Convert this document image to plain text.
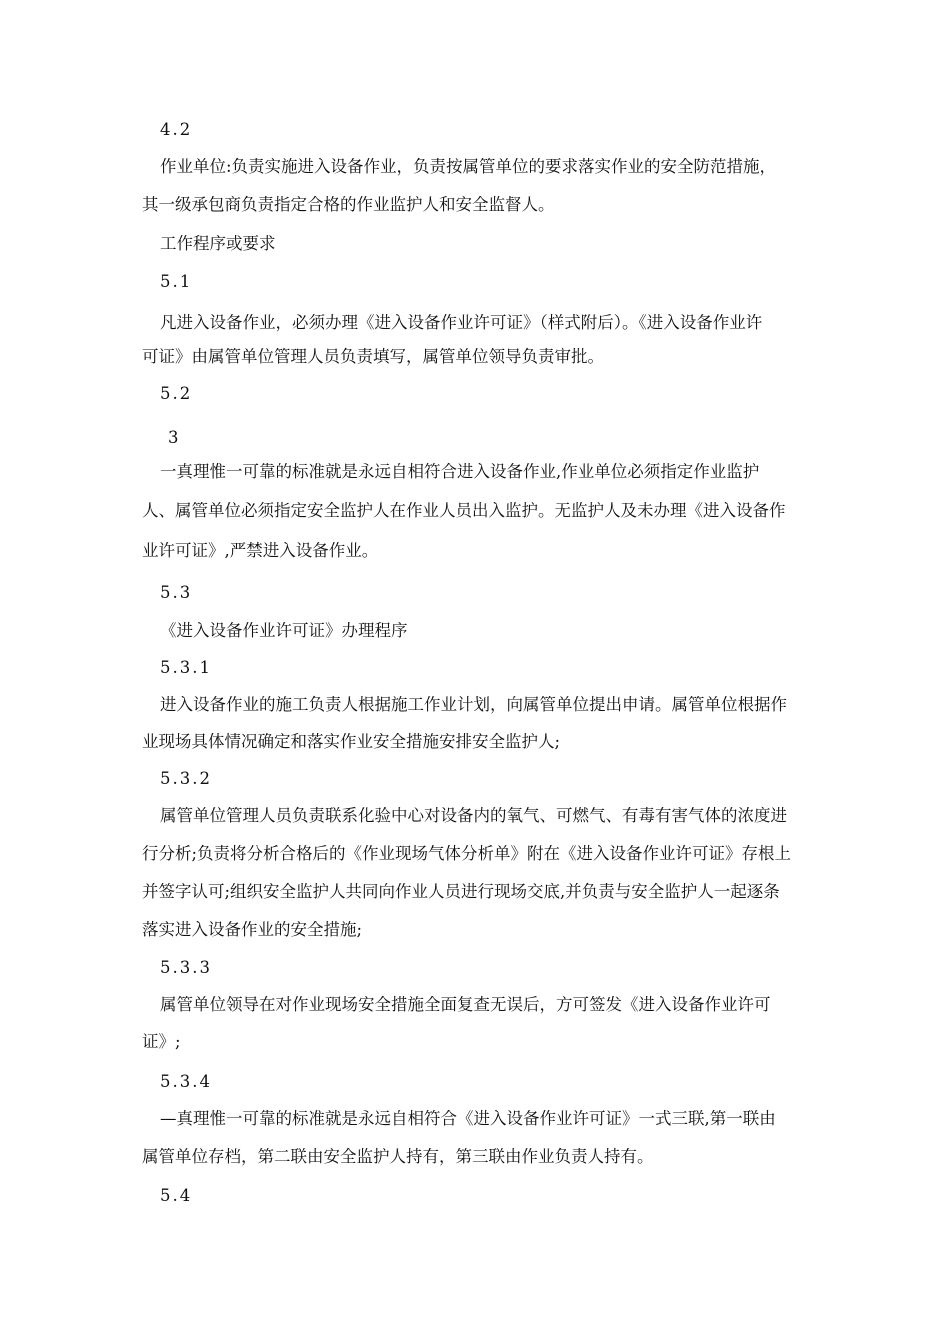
4.2
作业单位:负责实施进入设备作业，负责按属管单位的要求落实作业的安全防范措施，
其一级承包商负责指定合格的作业监护人和安全监督人。
工作程序或要求
5.1
凡进入设备作业，必须办理《进入设备作业许可证》（样式附后）。《进入设备作业许
可证》由属管单位管理人员负责填写，属管单位领导负责审批。
5.2
3
一真理惟一可靠的标准就是永远自相符合进入设备作业,作业单位必须指定作业监护
人、属管单位必须指定安全监护人在作业人员出入监护。无监护人及未办理《进入设备作
业许可证》,严禁进入设备作业。
5.3
《进入设备作业许可证》办理程序
5.3.1
进入设备作业的施工负责人根据施工作业计划，向属管单位提出申请。属管单位根据作
业现场具体情况确定和落实作业安全措施安排安全监护人;
5.3.2
属管单位管理人员负责联系化验中心对设备内的氧气、可燃气、有毒有害气体的浓度进
行分析;负责将分析合格后的《作业现场气体分析单》附在《进入设备作业许可证》存根上
并签字认可;组织安全监护人共同向作业人员进行现场交底,并负责与安全监护人一起逐条
落实进入设备作业的安全措施;
5.3.3
属管单位领导在对作业现场安全措施全面复查无误后，方可签发《进入设备作业许可
证》;
5.3.4
—真理惟一可靠的标准就是永远自相符合《进入设备作业许可证》一式三联,第一联由
属管单位存档，第二联由安全监护人持有，第三联由作业负责人持有。
5.4
